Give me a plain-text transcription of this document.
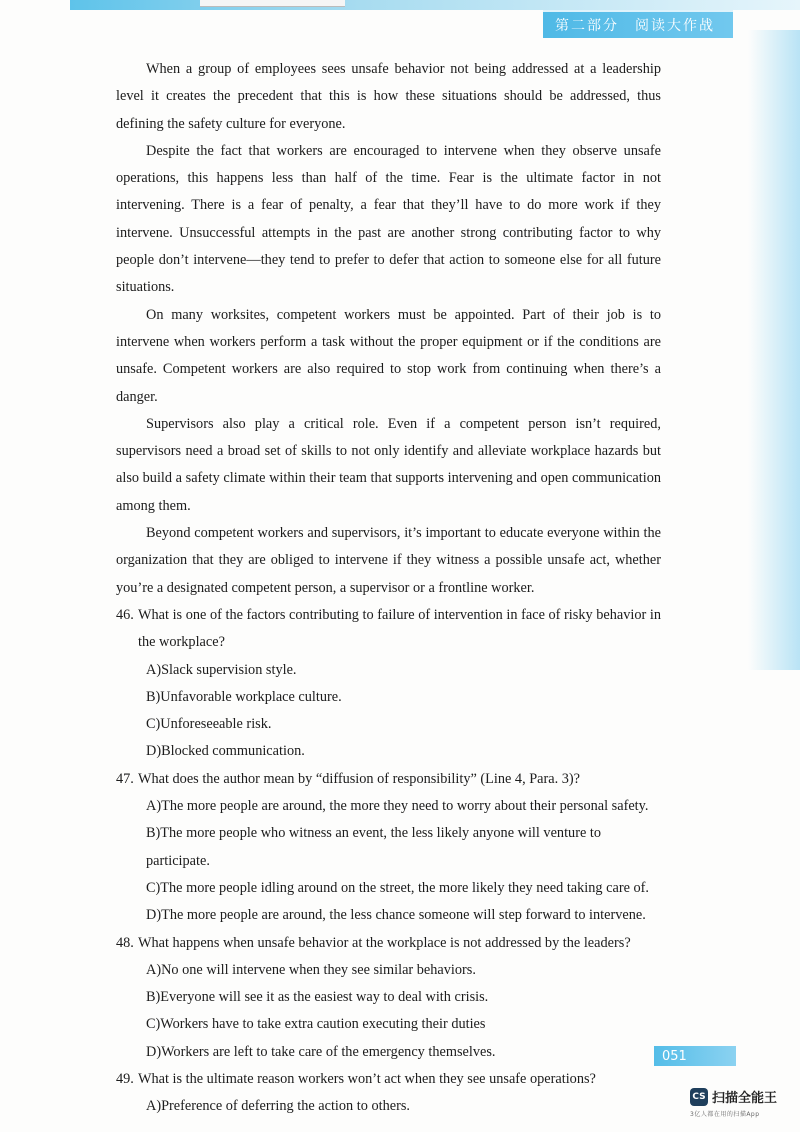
第二部分　阅读大作战

When a group of employees sees unsafe behavior not being addressed at a leadership level it creates the precedent that this is how these situations should be addressed, thus defining the safety culture for everyone.

Despite the fact that workers are encouraged to intervene when they observe unsafe operations, this happens less than half of the time. Fear is the ultimate factor in not intervening. There is a fear of penalty, a fear that they’ll have to do more work if they intervene. Unsuccessful attempts in the past are another strong contributing factor to why people don’t intervene—they tend to prefer to defer that action to someone else for all future situations.

On many worksites, competent workers must be appointed. Part of their job is to intervene when workers perform a task without the proper equipment or if the conditions are unsafe. Competent workers are also required to stop work from continuing when there’s a danger.

Supervisors also play a critical role. Even if a competent person isn’t required, supervisors need a broad set of skills to not only identify and alleviate workplace hazards but also build a safety climate within their team that supports intervening and open communication among them.

Beyond competent workers and supervisors, it’s important to educate everyone within the organization that they are obliged to intervene if they witness a possible unsafe act, whether you’re a designated competent person, a supervisor or a frontline worker.

46. What is one of the factors contributing to failure of intervention in face of risky behavior in the workplace?

A)Slack supervision style.

B)Unfavorable workplace culture.

C)Unforeseeable risk.

D)Blocked communication.

47. What does the author mean by “diffusion of responsibility” (Line 4, Para. 3)?

A)The more people are around, the more they need to worry about their personal safety.

B)The more people who witness an event, the less likely anyone will venture to participate.

C)The more people idling around on the street, the more likely they need taking care of.

D)The more people are around, the less chance someone will step forward to intervene.

48. What happens when unsafe behavior at the workplace is not addressed by the leaders?

A)No one will intervene when they see similar behaviors.

B)Everyone will see it as the easiest way to deal with crisis.

C)Workers have to take extra caution executing their duties

D)Workers are left to take care of the emergency themselves.

49. What is the ultimate reason workers won’t act when they see unsafe operations?

A)Preference of deferring the action to others.

051
CS 扫描全能王
3亿人都在用的扫描App
